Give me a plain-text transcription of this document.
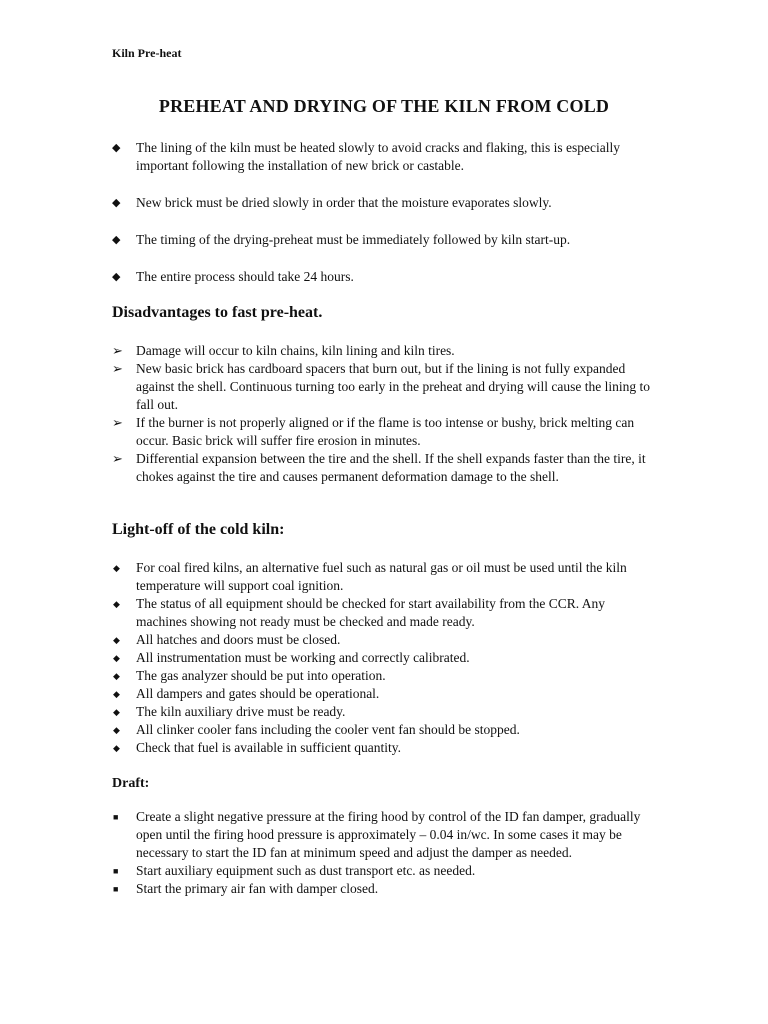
Kiln Pre-heat
PREHEAT AND DRYING OF THE KILN FROM COLD
◆	The lining of the kiln must be heated slowly to avoid cracks and flaking, this is especially important following the installation of new brick or castable.
◆	New brick must be dried slowly in order that the moisture evaporates slowly.
◆	The timing of the drying-preheat must be immediately followed by kiln start-up.
◆	The entire process should take 24 hours.
Disadvantages to fast pre-heat.
➢ Damage will occur to kiln chains, kiln lining and kiln tires.
➢ New basic brick has cardboard spacers that burn out, but if the lining is not fully expanded against the shell. Continuous turning too early in the preheat and drying will cause the lining to fall out.
➢ If the burner is not properly aligned or if the flame is too intense or bushy, brick melting can occur. Basic brick will suffer fire erosion in minutes.
➢ Differential expansion between the tire and the shell. If the shell expands faster than the tire, it chokes against the tire and causes permanent deformation damage to the shell.
Light-off of the cold kiln:
◆	For coal fired kilns, an alternative fuel such as natural gas or oil must be used until the kiln temperature will support coal ignition.
◆	The status of all equipment should be checked for start availability from the CCR. Any machines showing not ready must be checked and made ready.
◆	All hatches and doors must be closed.
◆	All instrumentation must be working and correctly calibrated.
◆	The gas analyzer should be put into operation.
◆	All dampers and gates should be operational.
◆	The kiln auxiliary drive must be ready.
◆	All clinker cooler fans including the cooler vent fan should be stopped.
◆	Check that fuel is available in sufficient quantity.
Draft:
■	Create a slight negative pressure at the firing hood by control of the ID fan damper, gradually open until the firing hood pressure is approximately – 0.04 in/wc. In some cases it may be necessary to start the ID fan at minimum speed and adjust the damper as needed.
■	Start auxiliary equipment such as dust transport etc. as needed.
■	Start the primary air fan with damper closed.
